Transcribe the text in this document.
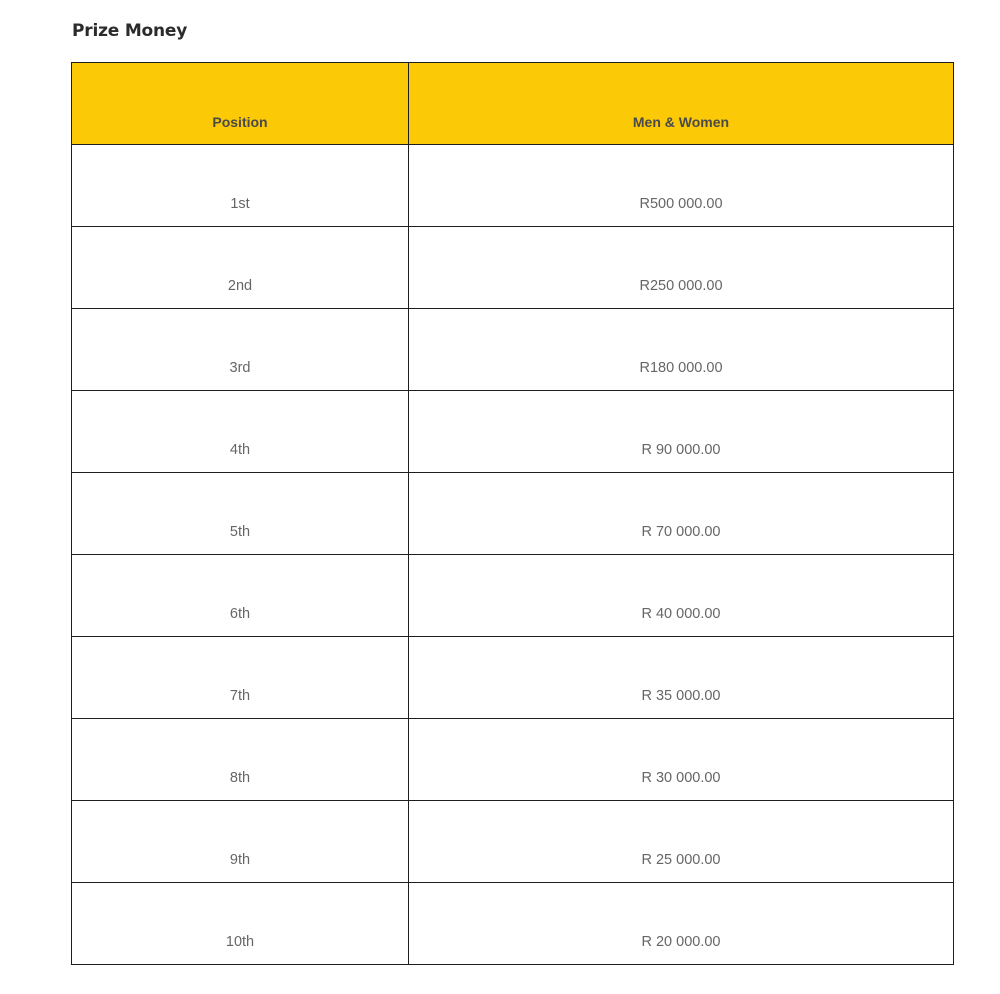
Prize Money
Position	Men & Women
1st	R500 000.00
2nd	R250 000.00
3rd	R180 000.00
4th	R 90 000.00
5th	R 70 000.00
6th	R 40 000.00
7th	R 35 000.00
8th	R 30 000.00
9th	R 25 000.00
10th	R 20 000.00
